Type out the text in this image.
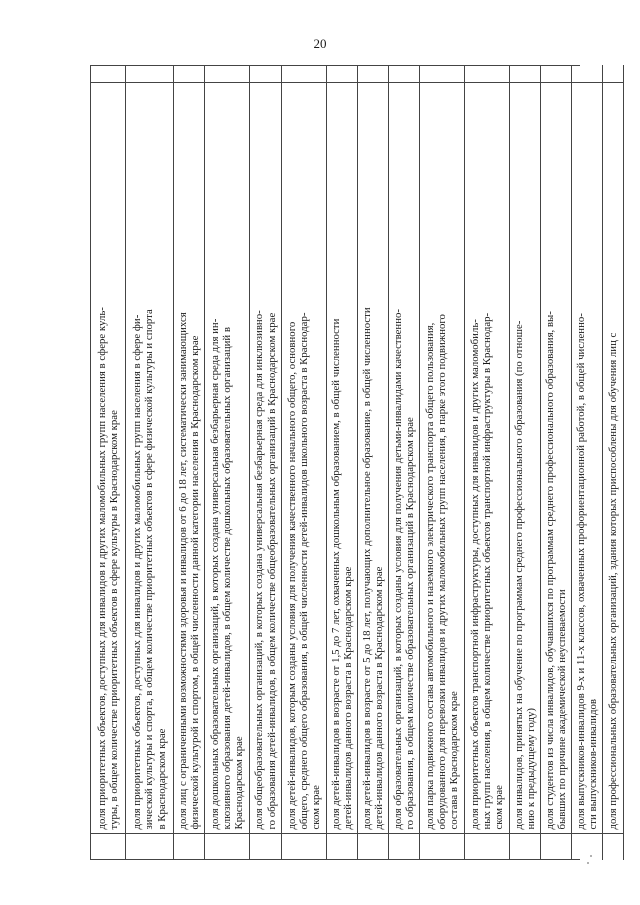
20
	доля приоритетных объектов, доступных для инвалидов и других маломобильных групп населения в сфере куль-
туры, в общем количестве приоритетных объектов в сфере культуры в Краснодарском крае	
	доля приоритетных объектов, доступных для инвалидов и других маломобильных групп населения в сфере фи-
зической культуры и спорта, в общем количестве приоритетных объектов в сфере физической культуры и спорта
в Краснодарском крае	
	доля лиц с ограниченными возможностями здоровья и инвалидов от 6 до 18 лет, систематически занимающихся
физической культурой и спортом, в общей численности данной категории населения в Краснодарском крае	
	доля дошкольных образовательных организаций, в которых создана универсальная безбарьерная среда для ин-
клюзивного образования детей-инвалидов, в общем количестве дошкольных образовательных организаций в
Краснодарском крае	
	доля общеобразовательных организаций, в которых создана универсальная безбарьерная среда для инклюзивно-
го образования детей-инвалидов, в общем количестве общеобразовательных организаций в Краснодарском крае	
	доля детей-инвалидов, которым созданы условия для получения качественного начального общего, основного
общего, среднего общего образования, в общей численности детей-инвалидов школьного возраста в Краснодар-
ском крае	
	доля детей-инвалидов в возрасте от 1,5 до 7 лет, охваченных дошкольным образованием, в общей численности
детей-инвалидов данного возраста в Краснодарском крае	
	доля детей-инвалидов в возрасте от 5 до 18 лет, получающих дополнительное образование, в общей численности
детей-инвалидов данного возраста в Краснодарском крае	
	доля образовательных организаций, в которых созданы условия для получения детьми-инвалидами качественно-
го образования, в общем количестве образовательных организаций в Краснодарском крае	
	доля парка подвижного состава автомобильного и наземного электрического транспорта общего пользования,
оборудованного для перевозки инвалидов и других маломобильных групп населения, в парке этого подвижного
состава в Краснодарском крае	
	доля приоритетных объектов транспортной инфраструктуры, доступных для инвалидов и других маломобиль-
ных групп населения, в общем количестве приоритетных объектов транспортной инфраструктуры в Краснодар-
ском крае	
	доля инвалидов, принятых на обучение по программам среднего профессионального образования (по отноше-
нию к предыдущему году)	
	доля студентов из числа инвалидов, обучавшихся по программам среднего профессионального образования, вы-
бывших по причине академической неуспеваемости	
	доля выпускников-инвалидов 9-х и 11-х классов, охваченных профориентационной работой, в общей численно-
сти выпускников-инвалидов	
	доля профессиональных образовательных организаций, здания которых приспособлены для обучения лиц с	
